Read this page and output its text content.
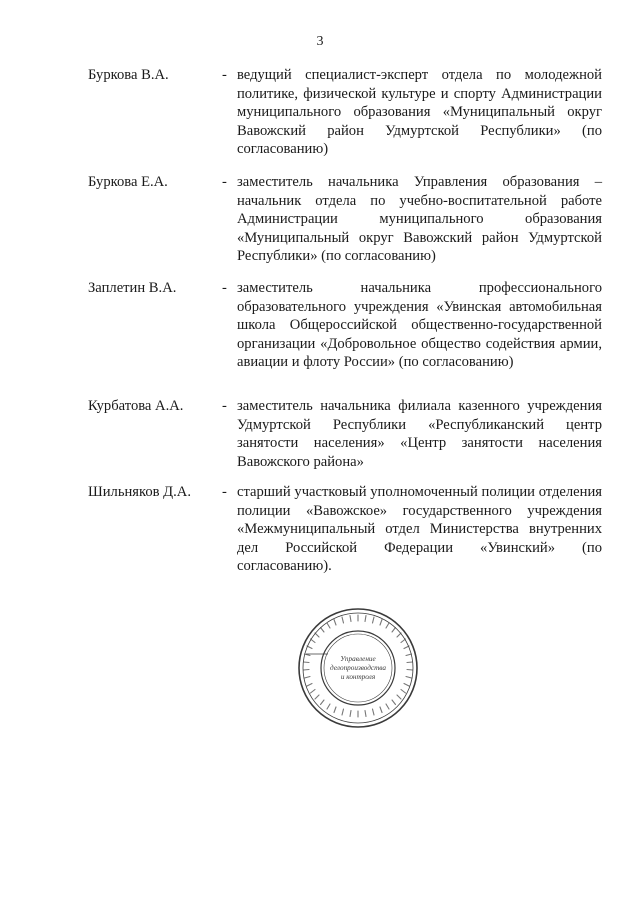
3
Буркова В.А.	- ведущий специалист-эксперт отдела по молодежной политике, физической культуре и спорту Администрации муниципального образования «Муниципальный округ Вавожский район Удмуртской Республики» (по согласованию)
Буркова Е.А.	- заместитель начальника Управления образования – начальник отдела по учебно-воспитательной работе Администрации муниципального образования «Муниципальный округ Вавожский район Удмуртской Республики» (по согласованию)
Заплетин В.А.	- заместитель начальника профессионального образовательного учреждения «Увинская автомобильная школа Общероссийской общественно-государственной организации «Добровольное общество содействия армии, авиации и флоту России» (по согласованию)
Курбатова А.А.	- заместитель начальника филиала казенного учреждения Удмуртской Республики «Республиканский центр занятости населения» «Центр занятости населения Вавожского района»
Шильняков Д.А. - старший участковый уполномоченный полиции отделения полиции «Вавожское» государственного учреждения «Межмуниципальный отдел Министерства внутренних дел Российской Федерации «Увинский» (по согласованию).
Управление
делопроизводства
и контроля
